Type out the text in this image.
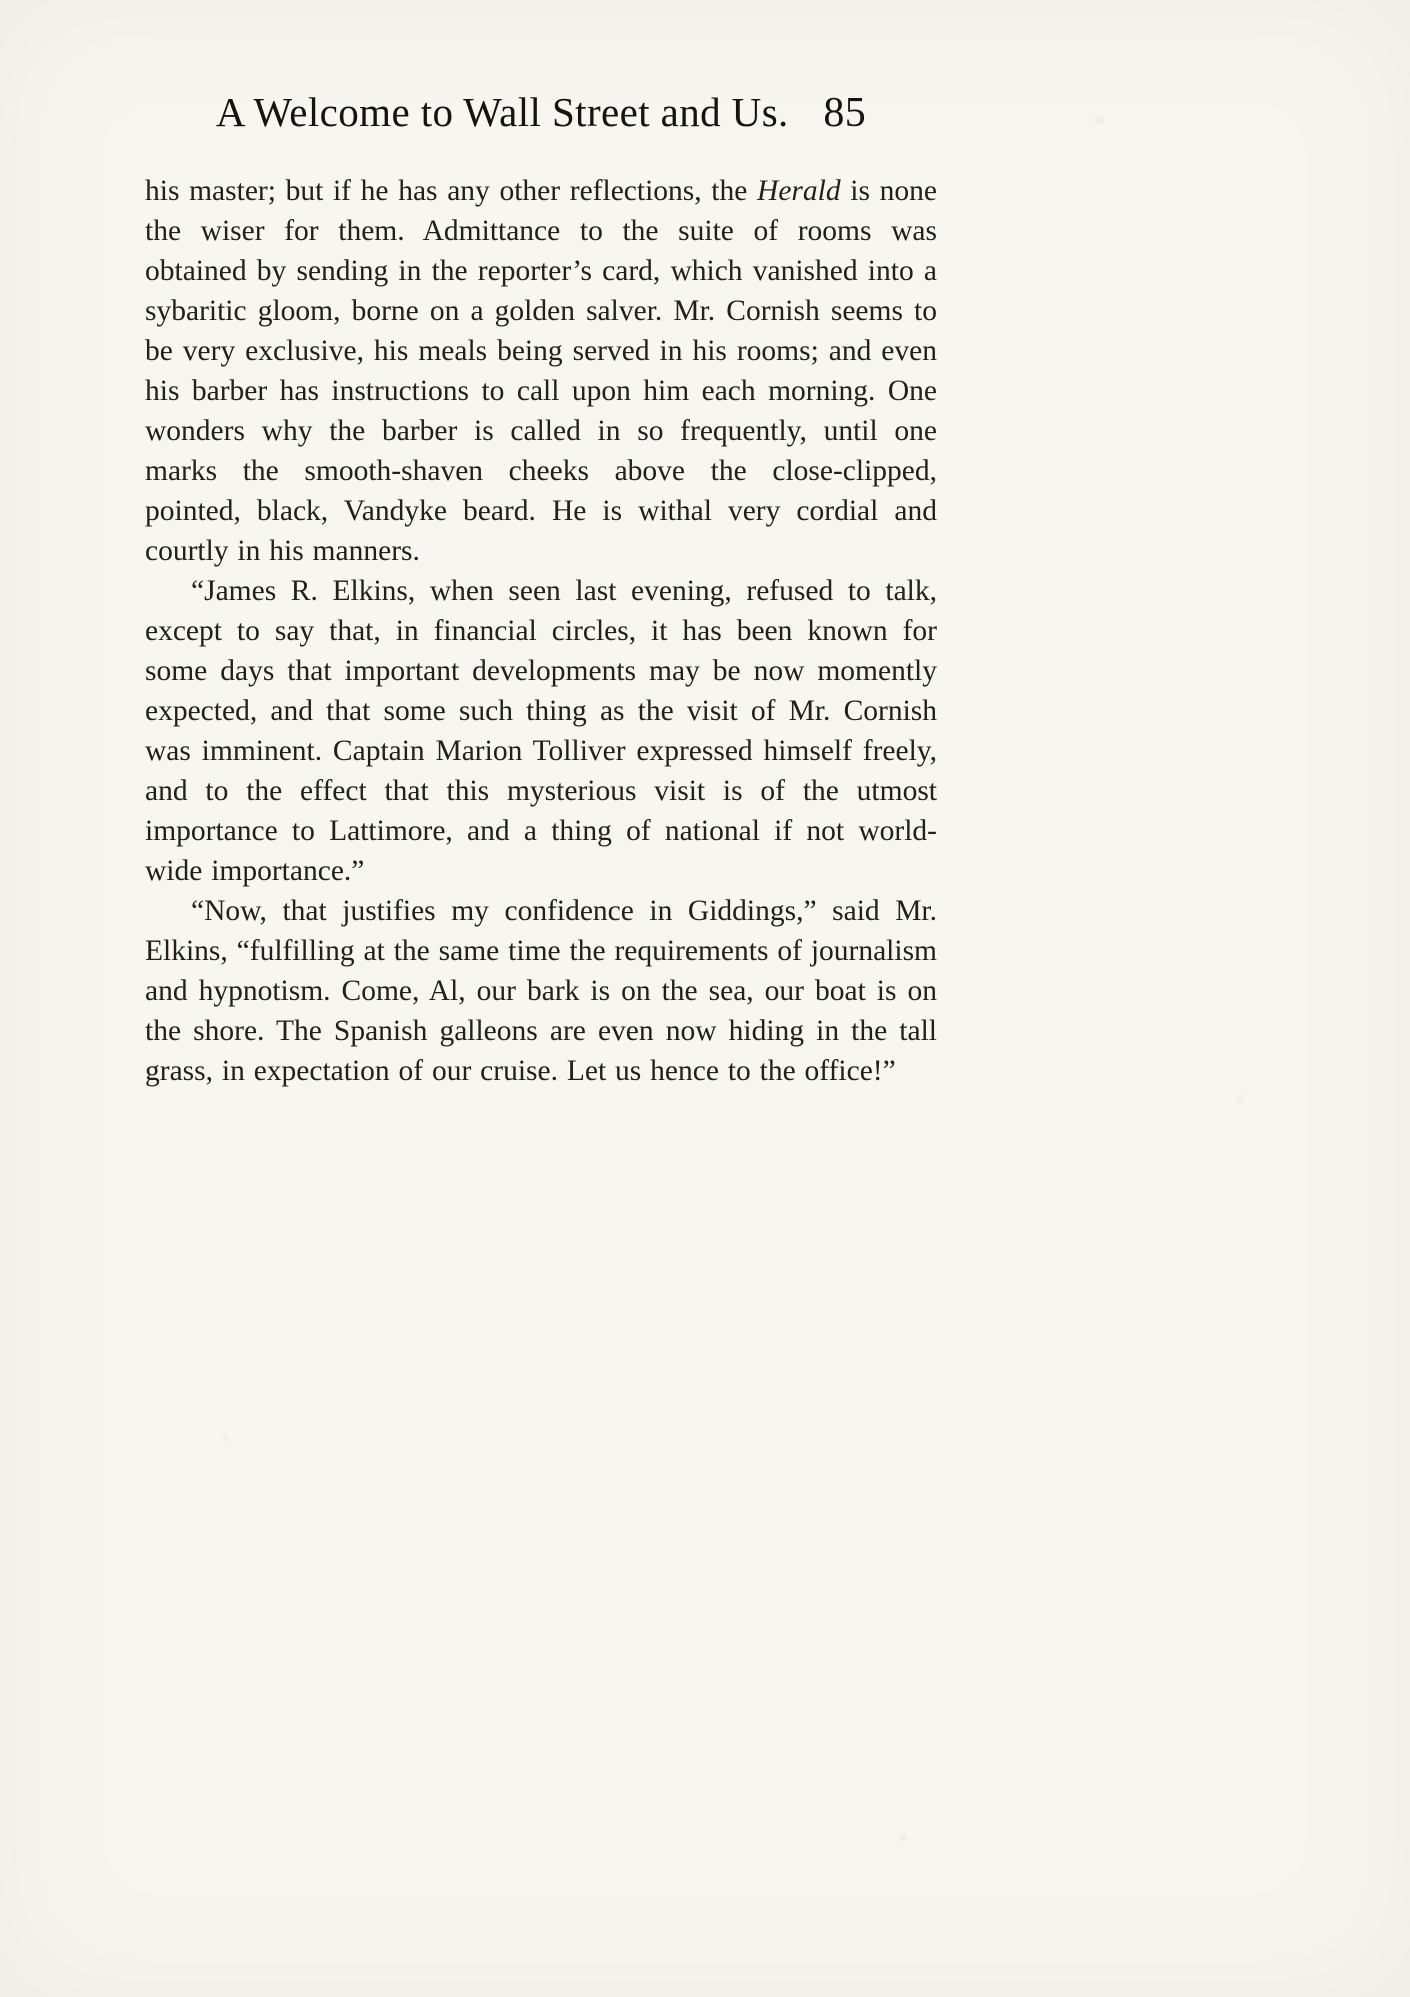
A Welcome to Wall Street and Us. 85

his master; but if he has any other reflections, the Herald is none the wiser for them. Admittance to the suite of rooms was obtained by sending in the reporter’s card, which vanished into a sybaritic gloom, borne on a golden salver. Mr. Cornish seems to be very exclusive, his meals being served in his rooms; and even his barber has instructions to call upon him each morning. One wonders why the barber is called in so frequently, until one marks the smooth-shaven cheeks above the close-clipped, pointed, black, Vandyke beard. He is withal very cordial and courtly in his manners.

“James R. Elkins, when seen last evening, refused to talk, except to say that, in financial circles, it has been known for some days that important developments may be now momently expected, and that some such thing as the visit of Mr. Cornish was imminent. Captain Marion Tolliver expressed himself freely, and to the effect that this mysterious visit is of the utmost importance to Lattimore, and a thing of national if not world-wide importance.”

“Now, that justifies my confidence in Giddings,” said Mr. Elkins, “fulfilling at the same time the requirements of journalism and hypnotism. Come, Al, our bark is on the sea, our boat is on the shore. The Spanish galleons are even now hiding in the tall grass, in expectation of our cruise. Let us hence to the office!”
